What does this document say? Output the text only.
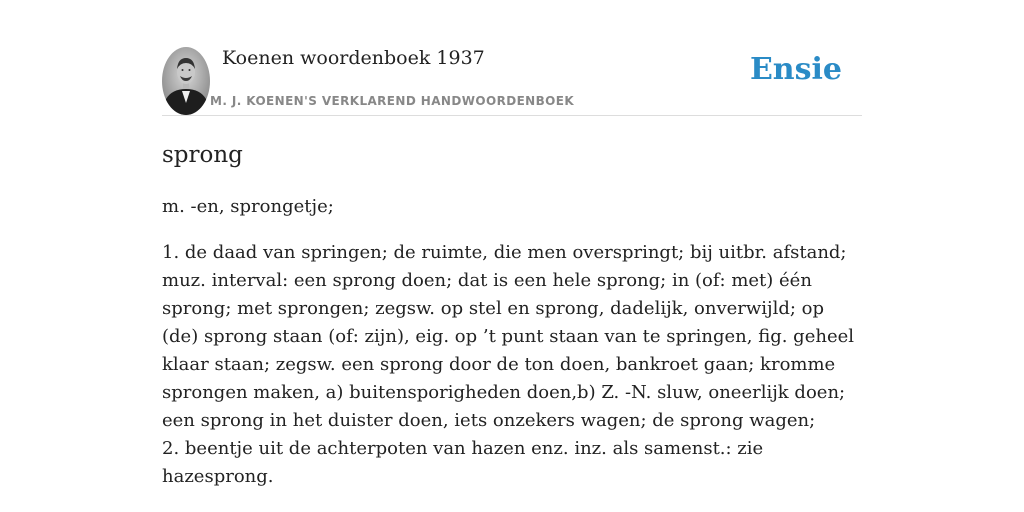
Koenen woordenboek 1937
M. J. KOENEN'S VERKLAREND HANDWOORDENBOEK
Ensie
sprong

m. -en, sprongetje;

1. de daad van springen; de ruimte, die men overspringt; bij uitbr. afstand; muz. interval: een sprong doen; dat is een hele sprong; in (of: met) één sprong; met sprongen; zegsw. op stel en sprong, dadelijk, onverwijld; op (de) sprong staan (of: zijn), eig. op ’t punt staan van te springen, fig. geheel klaar staan; zegsw. een sprong door de ton doen, bankroet gaan; kromme sprongen maken, a) buitensporigheden doen,b) Z. -N. sluw, oneerlijk doen; een sprong in het duister doen, iets onzekers wagen; de sprong wagen;
2. beentje uit de achterpoten van hazen enz. inz. als samenst.: zie hazesprong.
